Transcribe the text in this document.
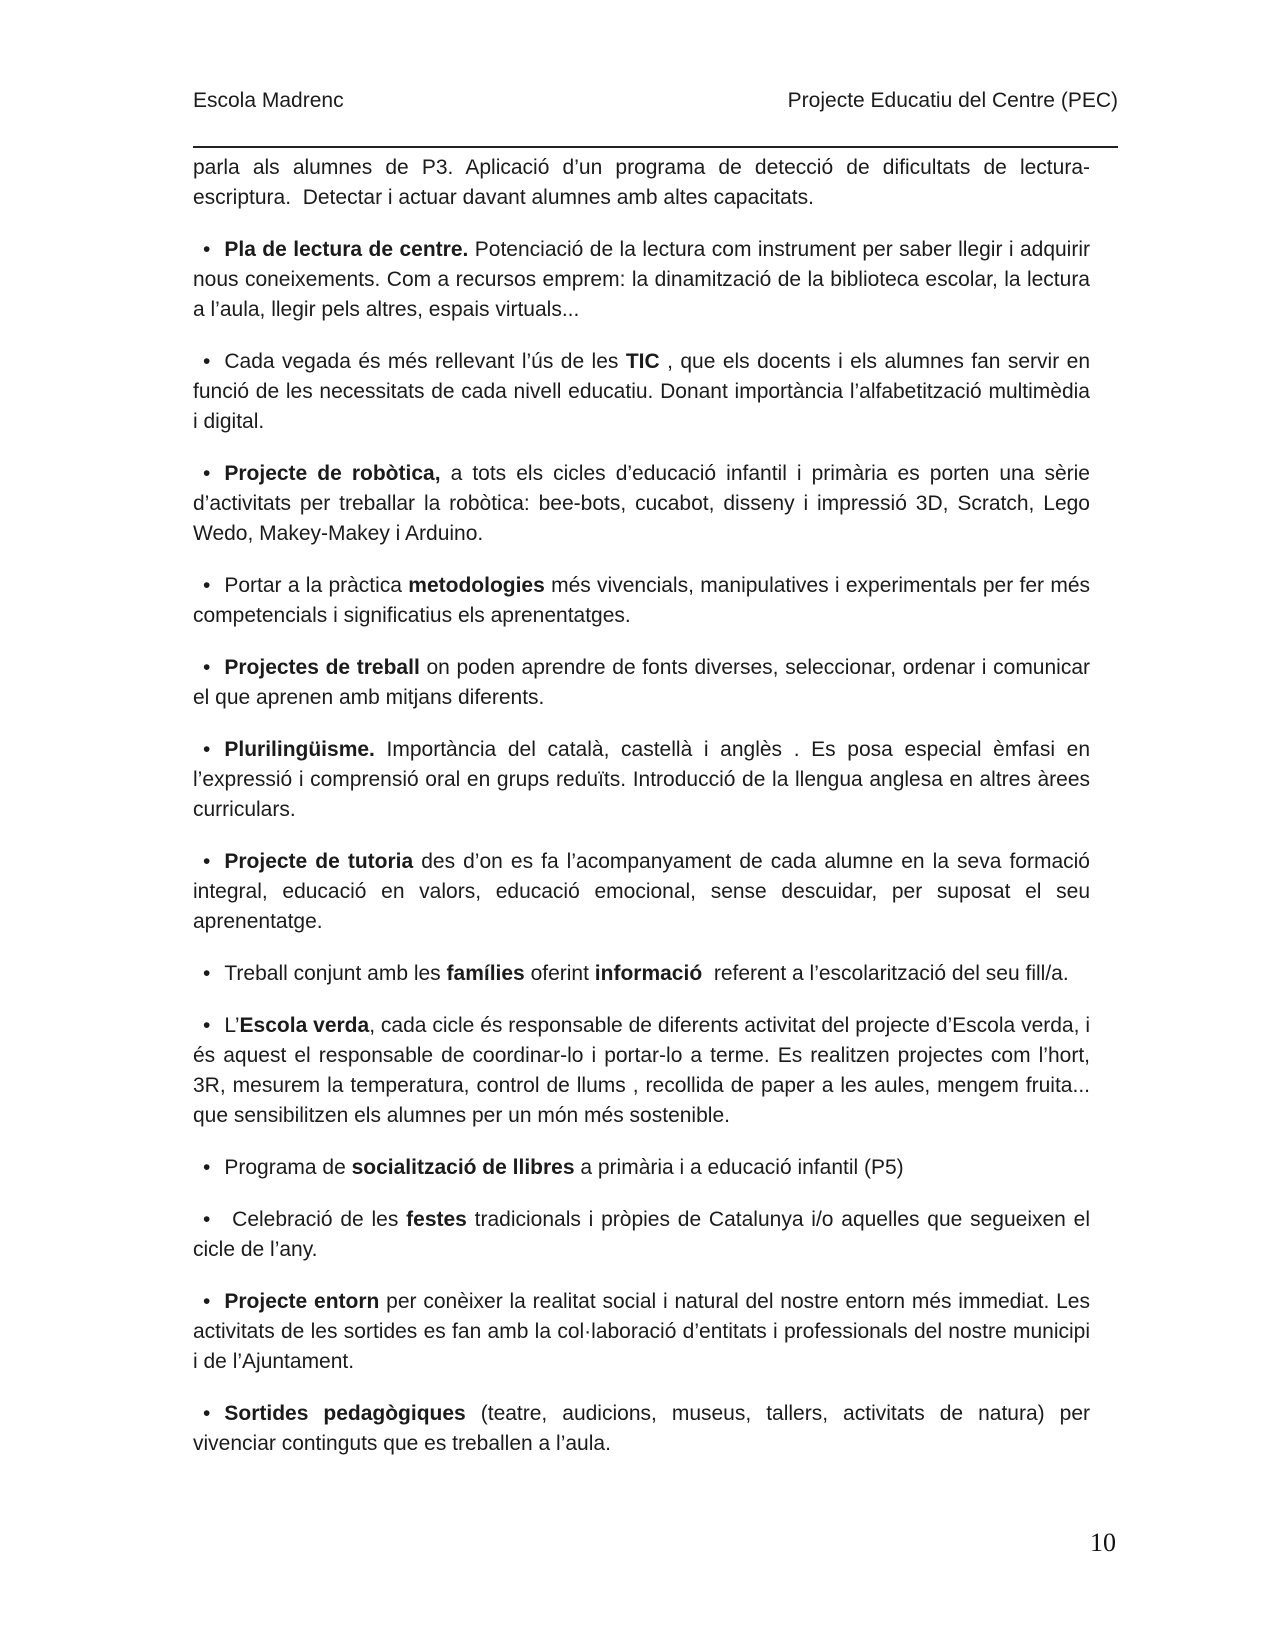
Escola Madrenc	Projecte Educatiu del Centre (PEC)

parla als alumnes de P3. Aplicació d’un programa de detecció de dificultats de lectura-escriptura.  Detectar i actuar davant alumnes amb altes capacitats.

• Pla de lectura de centre. Potenciació de la lectura com instrument per saber llegir i adquirir nous coneixements. Com a recursos emprem: la dinamització de la biblioteca escolar, la lectura a l’aula, llegir pels altres, espais virtuals...

• Cada vegada és més rellevant l’ús de les TIC , que els docents i els alumnes fan servir en funció de les necessitats de cada nivell educatiu. Donant importància l’alfabetització multimèdia i digital.

• Projecte de robòtica, a tots els cicles d’educació infantil i primària es porten una sèrie d’activitats per treballar la robòtica: bee-bots, cucabot, disseny i impressió 3D, Scratch, Lego Wedo, Makey-Makey i Arduino.

• Portar a la pràctica metodologies més vivencials, manipulatives i experimentals per fer més competencials i significatius els aprenentatges.

• Projectes de treball on poden aprendre de fonts diverses, seleccionar, ordenar i comunicar el que aprenen amb mitjans diferents.

• Plurilingüisme. Importància del català, castellà i anglès . Es posa especial èmfasi en l’expressió i comprensió oral en grups reduïts. Introducció de la llengua anglesa en altres àrees curriculars.

• Projecte de tutoria des d’on es fa l’acompanyament de cada alumne en la seva formació integral, educació en valors, educació emocional, sense descuidar, per suposat el seu aprenentatge.

• Treball conjunt amb les famílies oferint informació  referent a l’escolarització del seu fill/a.

• L’Escola verda, cada cicle és responsable de diferents activitat del projecte d’Escola verda, i és aquest el responsable de coordinar-lo i portar-lo a terme. Es realitzen projectes com l’hort, 3R, mesurem la temperatura, control de llums , recollida de paper a les aules, mengem fruita... que sensibilitzen els alumnes per un món més sostenible.

• Programa de socialització de llibres a primària i a educació infantil (P5)

• Celebració de les festes tradicionals i pròpies de Catalunya i/o aquelles que segueixen el cicle de l’any.

• Projecte entorn per conèixer la realitat social i natural del nostre entorn més immediat. Les activitats de les sortides es fan amb la col·laboració d’entitats i professionals del nostre municipi i de l’Ajuntament.

• Sortides pedagògiques (teatre, audicions, museus, tallers, activitats de natura) per vivenciar continguts que es treballen a l’aula.

10
